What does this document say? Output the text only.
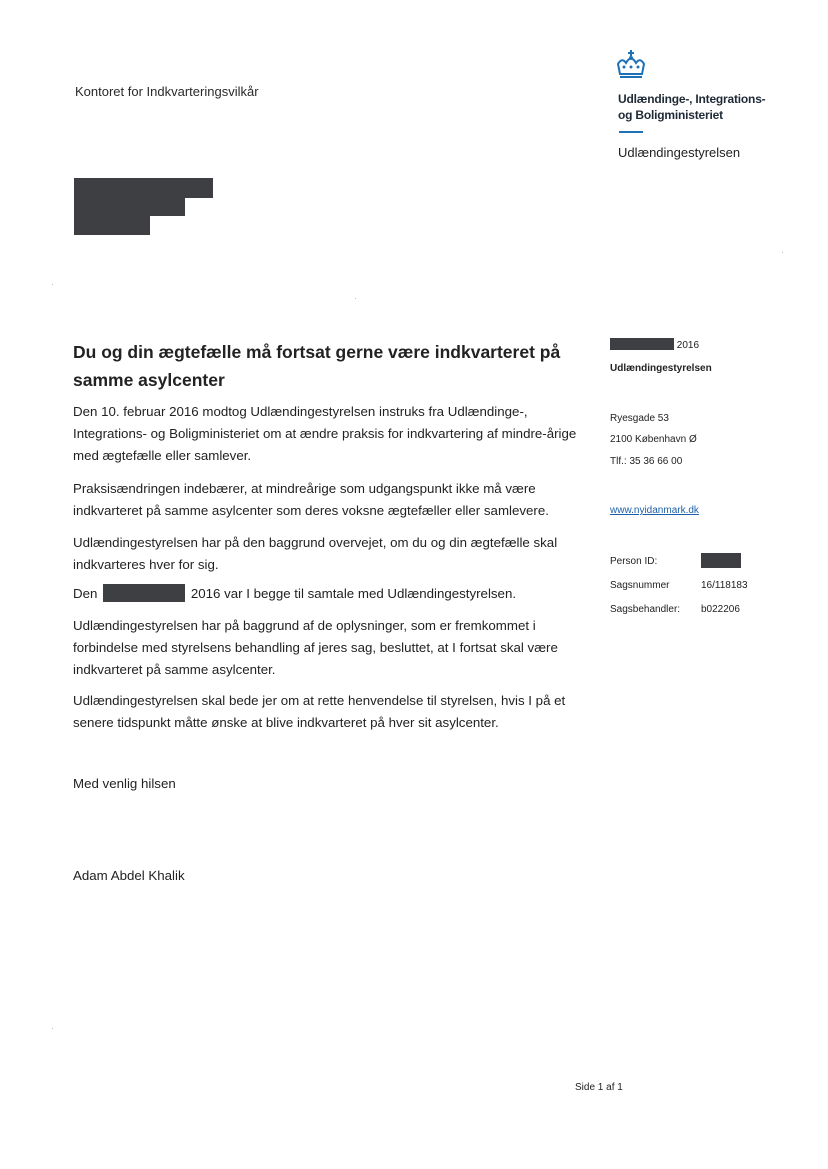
Kontoret for Indkvarteringsvilkår	Udlændinge-, Integrations-
og Boligministeriet
Udlændingestyrelsen
Du og din ægtefælle må fortsat gerne være indkvarteret på samme asylcenter
Den 10. februar 2016 modtog Udlændingestyrelsen instruks fra Udlændinge-, Integrations- og Boligministeriet om at ændre praksis for indkvartering af mindre-årige med ægtefælle eller samlever.
Praksisændringen indebærer, at mindreårige som udgangspunkt ikke må være indkvarteret på samme asylcenter som deres voksne ægtefæller eller samlevere.
Udlændingestyrelsen har på den baggrund overvejet, om du og din ægtefælle skal indkvarteres hver for sig.
Den	2016 var I begge til samtale med Udlændingestyrelsen.
Udlændingestyrelsen har på baggrund af de oplysninger, som er fremkommet i forbindelse med styrelsens behandling af jeres sag, besluttet, at I fortsat skal være indkvarteret på samme asylcenter.
Udlændingestyrelsen skal bede jer om at rette henvendelse til styrelsen, hvis I på et senere tidspunkt måtte ønske at blive indkvarteret på hver sit asylcenter.
Med venlig hilsen
Adam Abdel Khalik
2016
Udlændingestyrelsen
Ryesgade 53
2100 København Ø
Tlf.: 35 36 66 00
www.nyidanmark.dk
Person ID:
Sagsnummer	16/118183
Sagsbehandler: b022206
Side 1 af 1
